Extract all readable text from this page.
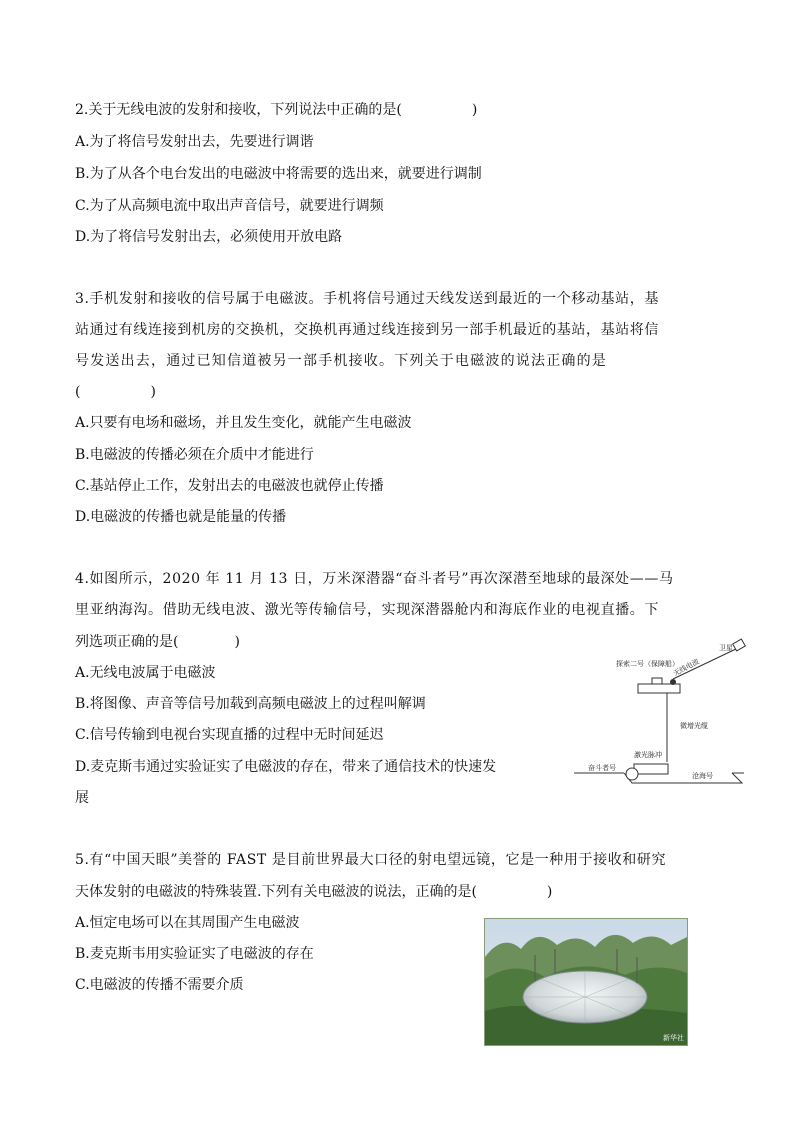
2.关于无线电波的发射和接收，下列说法中正确的是(　　　　　)
A.为了将信号发射出去，先要进行调谐
B.为了从各个电台发出的电磁波中将需要的选出来，就要进行调制
C.为了从高频电流中取出声音信号，就要进行调频
D.为了将信号发射出去，必须使用开放电路
3.手机发射和接收的信号属于电磁波。手机将信号通过天线发送到最近的一个移动基站，基
站通过有线连接到机房的交换机，交换机再通过线连接到另一部手机最近的基站，基站将信
号发送出去，通过已知信道被另一部手机接收。下列关于电磁波的说法正确的是
(　　　　　)
A.只要有电场和磁场，并且发生变化，就能产生电磁波
B.电磁波的传播必须在介质中才能进行
C.基站停止工作，发射出去的电磁波也就停止传播
D.电磁波的传播也就是能量的传播
4.如图所示，2020 年 11 月 13 日，万米深潜器“奋斗者号”再次深潜至地球的最深处——马
里亚纳海沟。借助无线电波、激光等传输信号，实现深潜器舱内和海底作业的电视直播。下
列选项正确的是(　　　　)
A.无线电波属于电磁波
B.将图像、声音等信号加载到高频电磁波上的过程叫解调
C.信号传输到电视台实现直播的过程中无时间延迟
D.麦克斯韦通过实验证实了电磁波的存在，带来了通信技术的快速发
展
卫星
探索二号（保障船）
无线电波
微增光缆
激光脉冲
奋斗者号
沧海号
5.有“中国天眼”美誉的 FAST 是目前世界最大口径的射电望远镜，它是一种用于接收和研究
天体发射的电磁波的特殊装置.下列有关电磁波的说法，正确的是(　　　　　)
A.恒定电场可以在其周围产生电磁波
B.麦克斯韦用实验证实了电磁波的存在
C.电磁波的传播不需要介质
新华社
